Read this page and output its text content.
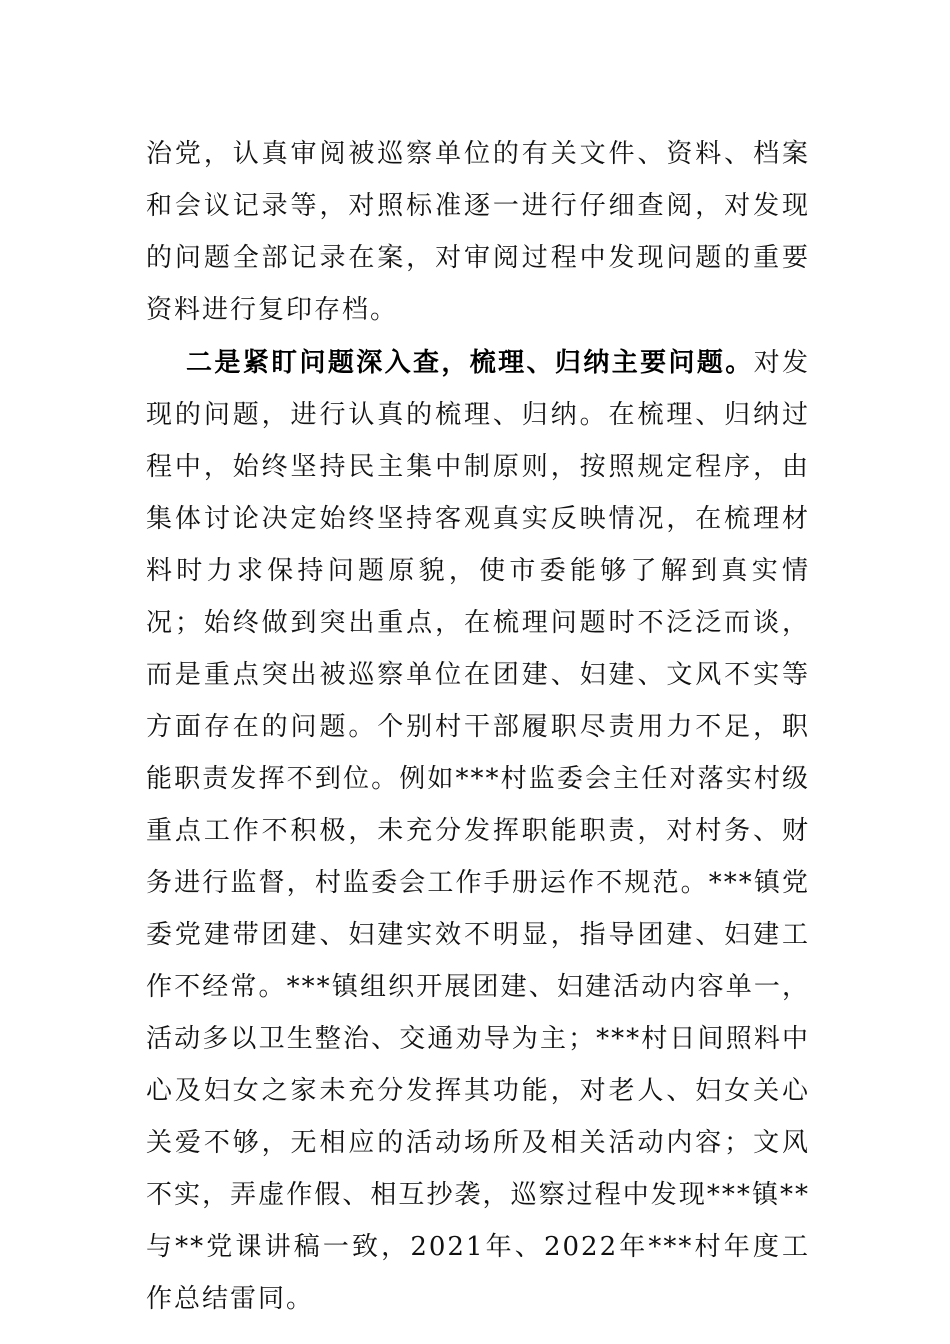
治党，认真审阅被巡察单位的有关文件、资料、档案和会议记录等，对照标准逐一进行仔细查阅，对发现的问题全部记录在案，对审阅过程中发现问题的重要资料进行复印存档。

二是紧盯问题深入查，梳理、归纳主要问题。对发现的问题，进行认真的梳理、归纳。在梳理、归纳过程中，始终坚持民主集中制原则，按照规定程序，由集体讨论决定始终坚持客观真实反映情况，在梳理材料时力求保持问题原貌，使市委能够了解到真实情况；始终做到突出重点，在梳理问题时不泛泛而谈，而是重点突出被巡察单位在团建、妇建、文风不实等方面存在的问题。个别村干部履职尽责用力不足，职能职责发挥不到位。例如***村监委会主任对落实村级重点工作不积极，未充分发挥职能职责，对村务、财务进行监督，村监委会工作手册运作不规范。***镇党委党建带团建、妇建实效不明显，指导团建、妇建工作不经常。***镇组织开展团建、妇建活动内容单一，活动多以卫生整治、交通劝导为主；***村日间照料中心及妇女之家未充分发挥其功能，对老人、妇女关心关爱不够，无相应的活动场所及相关活动内容；文风不实，弄虚作假、相互抄袭，巡察过程中发现***镇**与**党课讲稿一致，2021年、2022年***村年度工作总结雷同。
